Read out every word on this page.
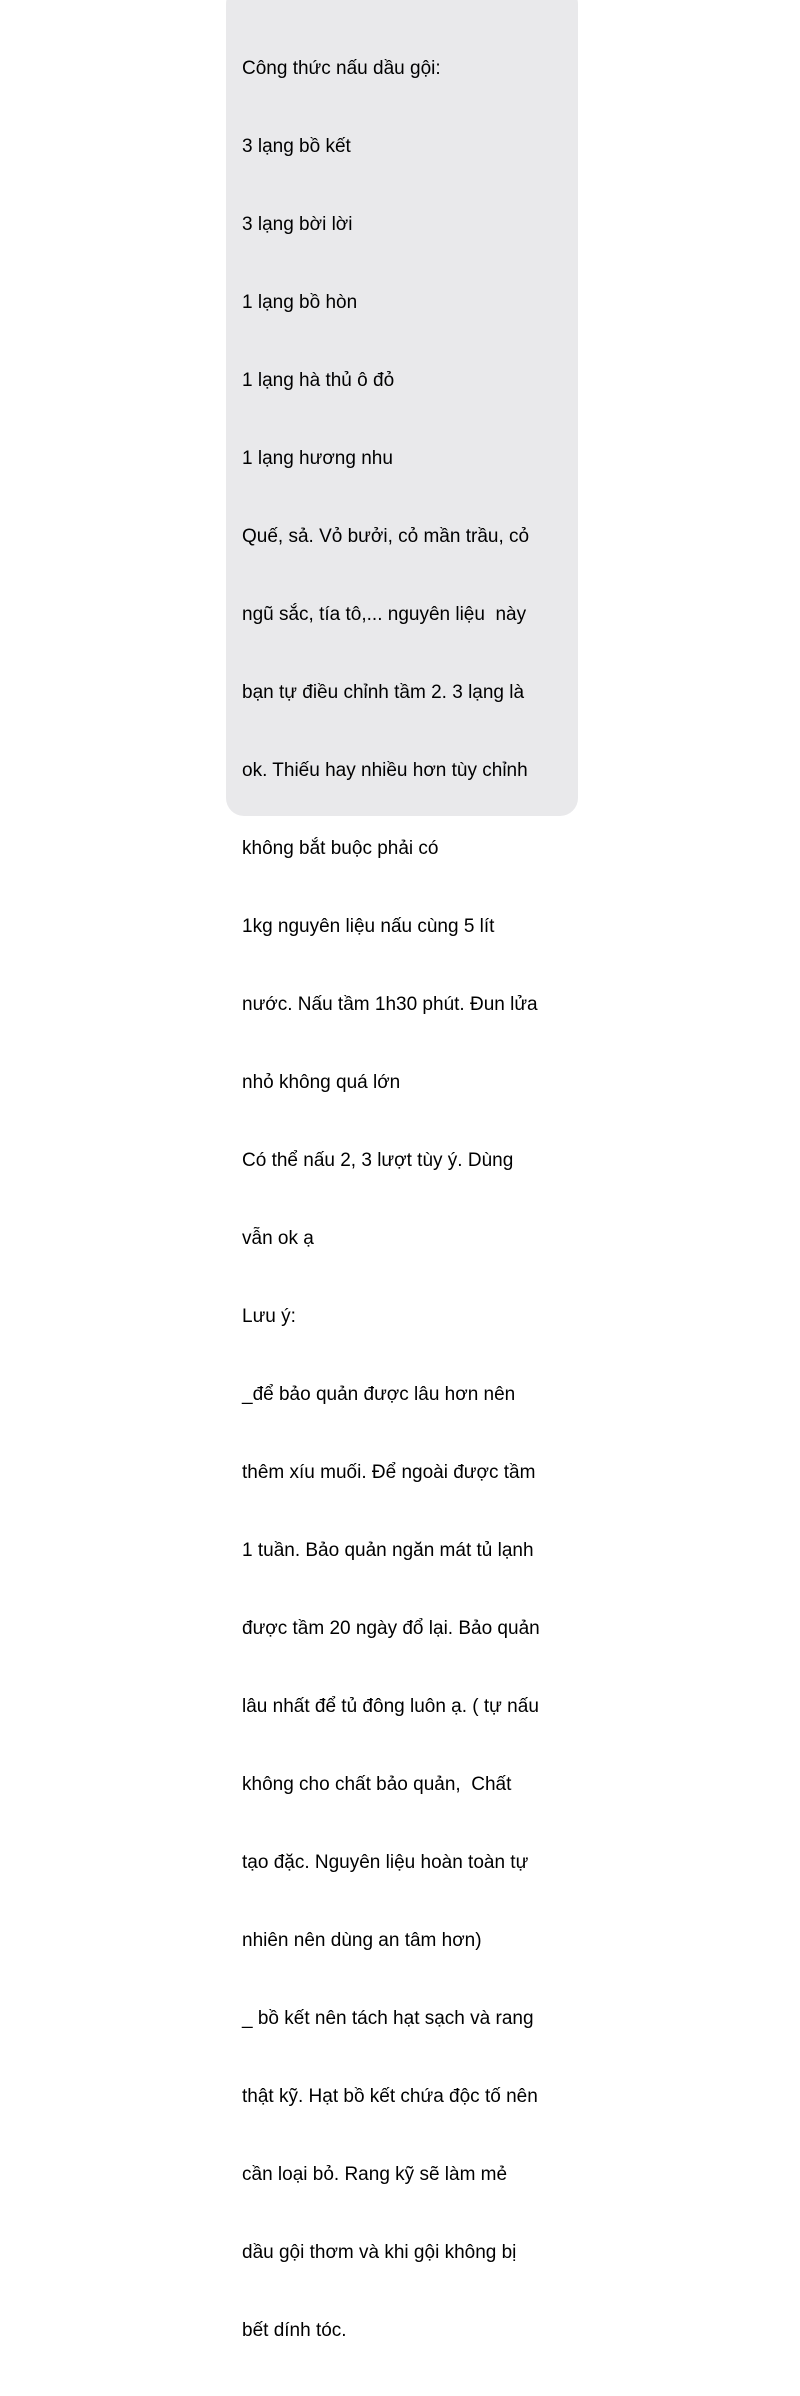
Công thức nấu dầu gội:

3 lạng bồ kết

3 lạng bời lời

1 lạng bồ hòn

1 lạng hà thủ ô đỏ

1 lạng hương nhu

Quế, sả. Vỏ bưởi, cỏ mần trầu, cỏ

ngũ sắc, tía tô,... nguyên liệu  này

bạn tự điều chỉnh tầm 2. 3 lạng là

ok. Thiếu hay nhiều hơn tùy chỉnh

không bắt buộc phải có

1kg nguyên liệu nấu cùng 5 lít

nước. Nấu tầm 1h30 phút. Đun lửa

nhỏ không quá lớn

Có thể nấu 2, 3 lượt tùy ý. Dùng

vẫn ok ạ

Lưu ý:

_để bảo quản được lâu hơn nên

thêm xíu muối. Để ngoài được tầm

1 tuần. Bảo quản ngăn mát tủ lạnh

được tầm 20 ngày đổ lại. Bảo quản

lâu nhất để tủ đông luôn ạ. ( tự nấu

không cho chất bảo quản,  Chất

tạo đặc. Nguyên liệu hoàn toàn tự

nhiên nên dùng an tâm hơn)

_ bồ kết nên tách hạt sạch và rang

thật kỹ. Hạt bồ kết chứa độc tố nên

cần loại bỏ. Rang kỹ sẽ làm mẻ

dầu gội thơm và khi gội không bị

bết dính tóc.
